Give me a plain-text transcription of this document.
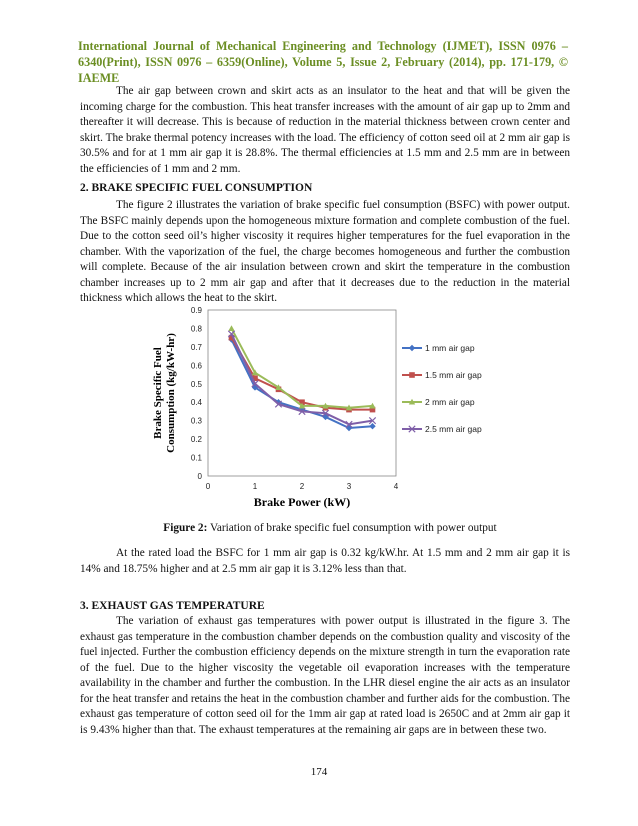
International Journal of Mechanical Engineering and Technology (IJMET), ISSN 0976 – 6340(Print), ISSN 0976 – 6359(Online), Volume 5, Issue 2, February (2014), pp. 171-179, © IAEME

The air gap between crown and skirt acts as an insulator to the heat and that will be given the incoming charge for the combustion. This heat transfer increases with the amount of air gap up to 2mm and thereafter it will decrease. This is because of reduction in the material thickness between crown center and skirt. The brake thermal potency increases with the load. The efficiency of cotton seed oil at 2 mm air gap is 30.5% and for at 1 mm air gap it is 28.8%. The thermal efficiencies at 1.5 mm and 2.5 mm are in between the efficiencies of 1 mm and 2 mm.

2. BRAKE SPECIFIC FUEL CONSUMPTION

The figure 2 illustrates the variation of brake specific fuel consumption (BSFC) with power output. The BSFC mainly depends upon the homogeneous mixture formation and complete combustion of the fuel. Due to the cotton seed oil’s higher viscosity it requires higher temperatures for the fuel evaporation in the chamber. With the vaporization of the fuel, the charge becomes homogeneous and further the combustion will complete. Because of the air insulation between crown and skirt the temperature in the combustion chamber increases up to 2 mm air gap and after that it decreases due to the reduction in the material thickness which allows the heat to the skirt.

0
0.1
0.2
0.3
0.4
0.5
0.6
0.7
0.8
0.9
0	1	2	3	4
1 mm air gap
1.5 mm air gap
2 mm air gap
2.5 mm air gap
Brake Specific Fuel Consumption (kg/kW-hr)
Brake Power (kW)
Figure 2: Variation of brake specific fuel consumption with power output

At the rated load the BSFC for 1 mm air gap is 0.32 kg/kW.hr. At 1.5 mm and 2 mm air gap it is 14% and 18.75% higher and at 2.5 mm air gap it is 3.12% less than that.

3. EXHAUST GAS TEMPERATURE

The variation of exhaust gas temperatures with power output is illustrated in the figure 3. The exhaust gas temperature in the combustion chamber depends on the combustion quality and viscosity of the fuel injected. Further the combustion efficiency depends on the mixture strength in turn the evaporation rate of the fuel. Due to the higher viscosity the vegetable oil evaporation increases with the temperature availability in the chamber and further the combustion. In the LHR diesel engine the air acts as an insulator for the heat transfer and retains the heat in the combustion chamber and further aids for the combustion. The exhaust gas temperature of cotton seed oil for the 1mm air gap at rated load is 2650C and at 2mm air gap it is 9.43% higher than that. The exhaust temperatures at the remaining air gaps are in between these two.

174
